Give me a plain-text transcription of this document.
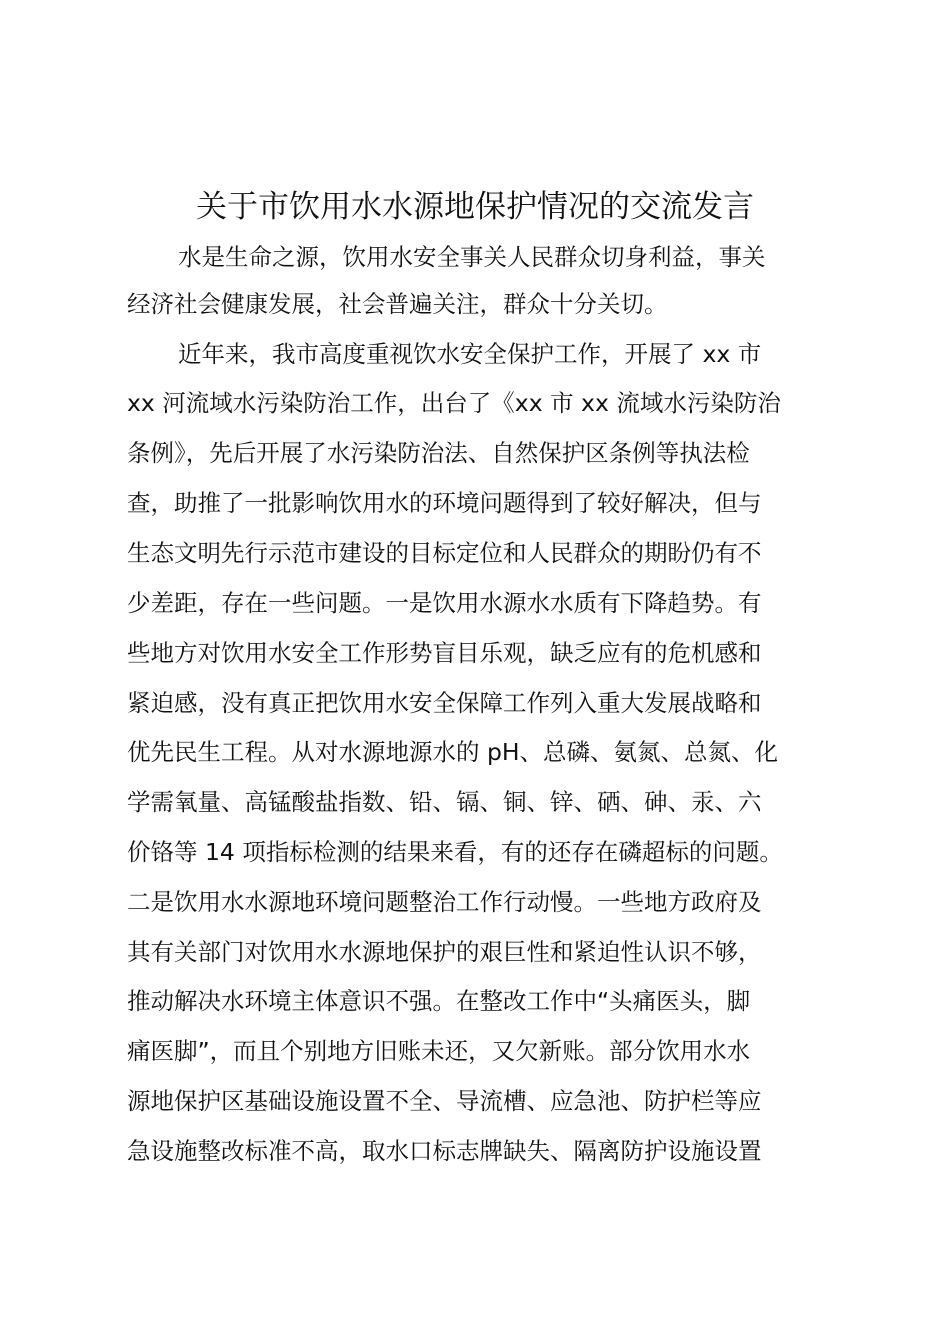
关于市饮用水水源地保护情况的交流发言

水是生命之源，饮用水安全事关人民群众切身利益，事关

经济社会健康发展，社会普遍关注，群众十分关切。

近年来，我市高度重视饮水安全保护工作，开展了 xx 市

xx 河流域水污染防治工作，出台了《xx 市 xx 流域水污染防治

条例》，先后开展了水污染防治法、自然保护区条例等执法检

查，助推了一批影响饮用水的环境问题得到了较好解决，但与

生态文明先行示范市建设的目标定位和人民群众的期盼仍有不

少差距，存在一些问题。一是饮用水源水水质有下降趋势。有

些地方对饮用水安全工作形势盲目乐观，缺乏应有的危机感和

紧迫感，没有真正把饮用水安全保障工作列入重大发展战略和

优先民生工程。从对水源地源水的 pH、总磷、氨氮、总氮、化

学需氧量、高锰酸盐指数、铅、镉、铜、锌、硒、砷、汞、六

价铬等 14 项指标检测的结果来看，有的还存在磷超标的问题。

二是饮用水水源地环境问题整治工作行动慢。一些地方政府及

其有关部门对饮用水水源地保护的艰巨性和紧迫性认识不够，

推动解决水环境主体意识不强。在整改工作中“头痛医头，脚

痛医脚”，而且个别地方旧账未还，又欠新账。部分饮用水水

源地保护区基础设施设置不全、导流槽、应急池、防护栏等应

急设施整改标准不高，取水口标志牌缺失、隔离防护设施设置
